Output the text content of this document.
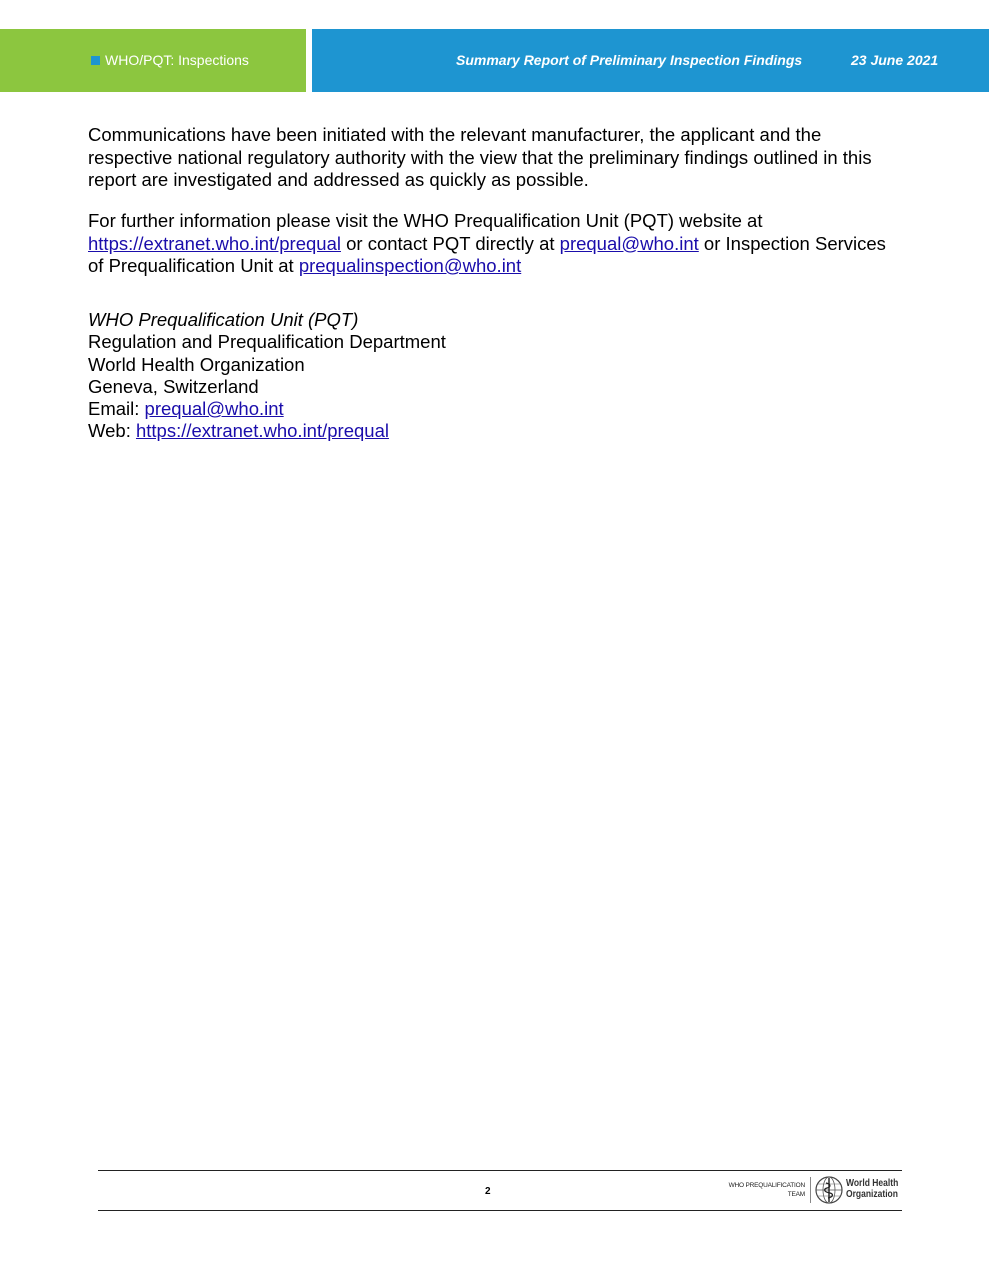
WHO/PQT: Inspections	Summary Report of Preliminary Inspection Findings	23 June 2021

Communications have been initiated with the relevant manufacturer, the applicant and the respective national regulatory authority with the view that the preliminary findings outlined in this report are investigated and addressed as quickly as possible.

For further information please visit the WHO Prequalification Unit (PQT) website at https://extranet.who.int/prequal or contact PQT directly at prequal@who.int or Inspection Services of Prequalification Unit at prequalinspection@who.int

WHO Prequalification Unit (PQT)
Regulation and Prequalification Department
World Health Organization
Geneva, Switzerland
Email: prequal@who.int
Web: https://extranet.who.int/prequal
2
WHO PREQUALIFICATION
TEAM
World Health
Organization
